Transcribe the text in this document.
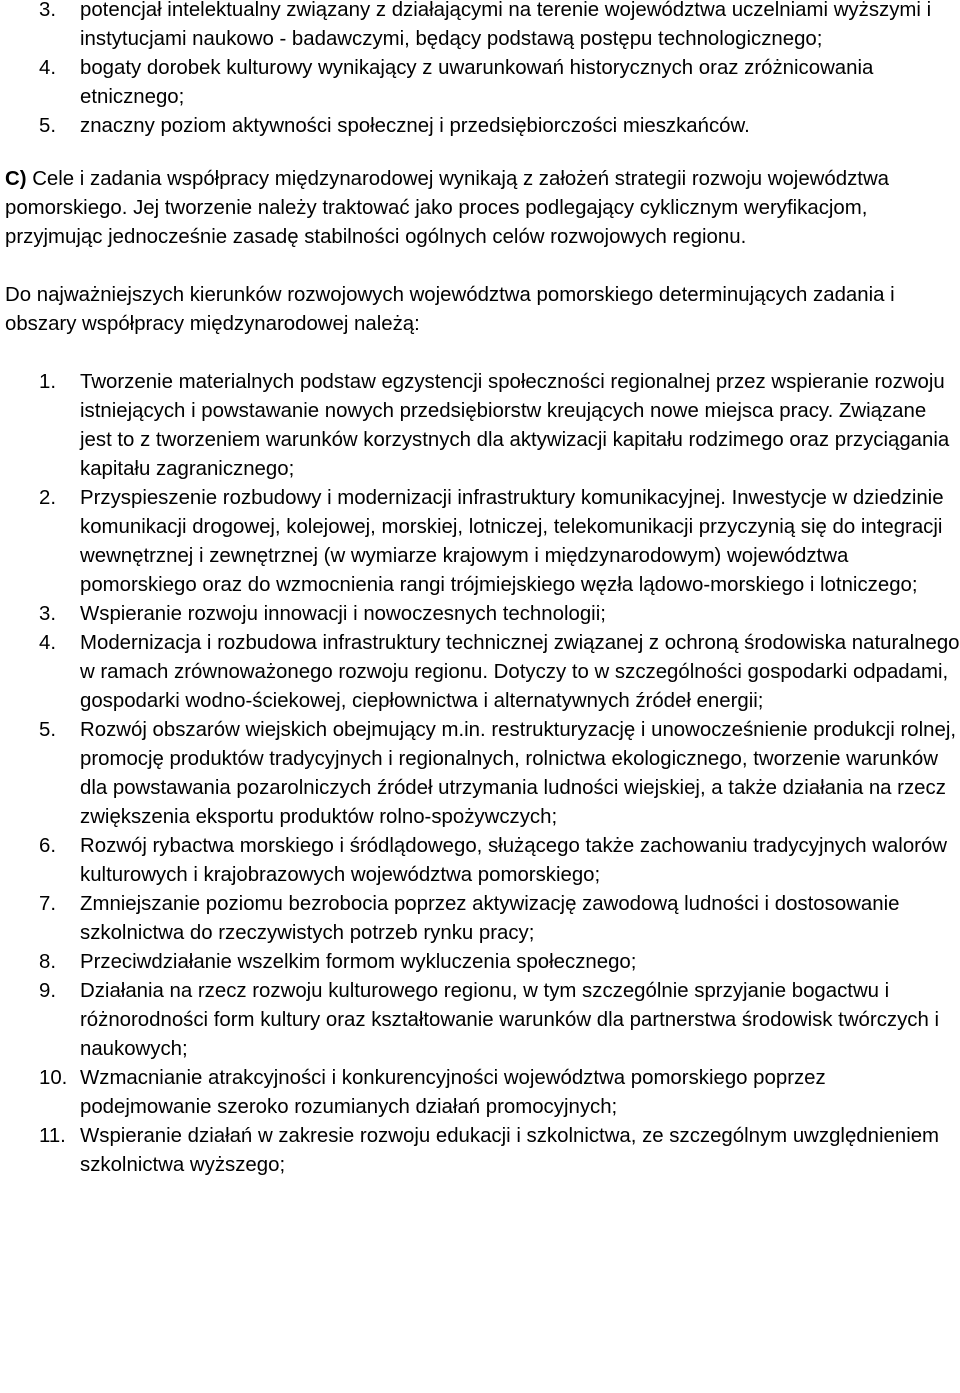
3. potencjał intelektualny związany z działającymi na terenie województwa uczelniami wyższymi i instytucjami naukowo - badawczymi, będący podstawą postępu technologicznego;
4. bogaty dorobek kulturowy wynikający z uwarunkowań historycznych oraz zróżnicowania etnicznego;
5. znaczny poziom aktywności społecznej i przedsiębiorczości mieszkańców.
C) Cele i zadania współpracy międzynarodowej wynikają z założeń strategii rozwoju województwa pomorskiego. Jej tworzenie należy traktować jako proces podlegający cyklicznym weryfikacjom, przyjmując jednocześnie zasadę stabilności ogólnych celów rozwojowych regionu.
Do najważniejszych kierunków rozwojowych województwa pomorskiego determinujących zadania i obszary współpracy międzynarodowej należą:
1. Tworzenie materialnych podstaw egzystencji społeczności regionalnej przez wspieranie rozwoju istniejących i powstawanie nowych przedsiębiorstw kreujących nowe miejsca pracy. Związane jest to z tworzeniem warunków korzystnych dla aktywizacji kapitału rodzimego oraz przyciągania kapitału zagranicznego;
2. Przyspieszenie rozbudowy i modernizacji infrastruktury komunikacyjnej. Inwestycje w dziedzinie komunikacji drogowej, kolejowej, morskiej, lotniczej, telekomunikacji przyczynią się do integracji wewnętrznej i zewnętrznej (w wymiarze krajowym i międzynarodowym) województwa pomorskiego oraz do wzmocnienia rangi trójmiejskiego węzła lądowo-morskiego i lotniczego;
3. Wspieranie rozwoju innowacji i nowoczesnych technologii;
4. Modernizacja i rozbudowa infrastruktury technicznej związanej z ochroną środowiska naturalnego w ramach zrównoważonego rozwoju regionu. Dotyczy to w szczególności gospodarki odpadami, gospodarki wodno-ściekowej, ciepłownictwa i alternatywnych źródeł energii;
5. Rozwój obszarów wiejskich obejmujący m.in. restrukturyzację i unowocześnienie produkcji rolnej, promocję produktów tradycyjnych i regionalnych, rolnictwa ekologicznego, tworzenie warunków dla powstawania pozarolniczych źródeł utrzymania ludności wiejskiej, a także działania na rzecz zwiększenia eksportu produktów rolno-spożywczych;
6. Rozwój rybactwa morskiego i śródlądowego, służącego także zachowaniu tradycyjnych walorów kulturowych i krajobrazowych województwa pomorskiego;
7. Zmniejszanie poziomu bezrobocia poprzez aktywizację zawodową ludności i dostosowanie szkolnictwa do rzeczywistych potrzeb rynku pracy;
8. Przeciwdziałanie wszelkim formom wykluczenia społecznego;
9. Działania na rzecz rozwoju kulturowego regionu, w tym szczególnie sprzyjanie bogactwu i różnorodności form kultury oraz kształtowanie warunków dla partnerstwa środowisk twórczych i naukowych;
10. Wzmacnianie atrakcyjności i konkurencyjności województwa pomorskiego poprzez podejmowanie szeroko rozumianych działań promocyjnych;
11. Wspieranie działań w zakresie rozwoju edukacji i szkolnictwa, ze szczególnym uwzględnieniem szkolnictwa wyższego;
